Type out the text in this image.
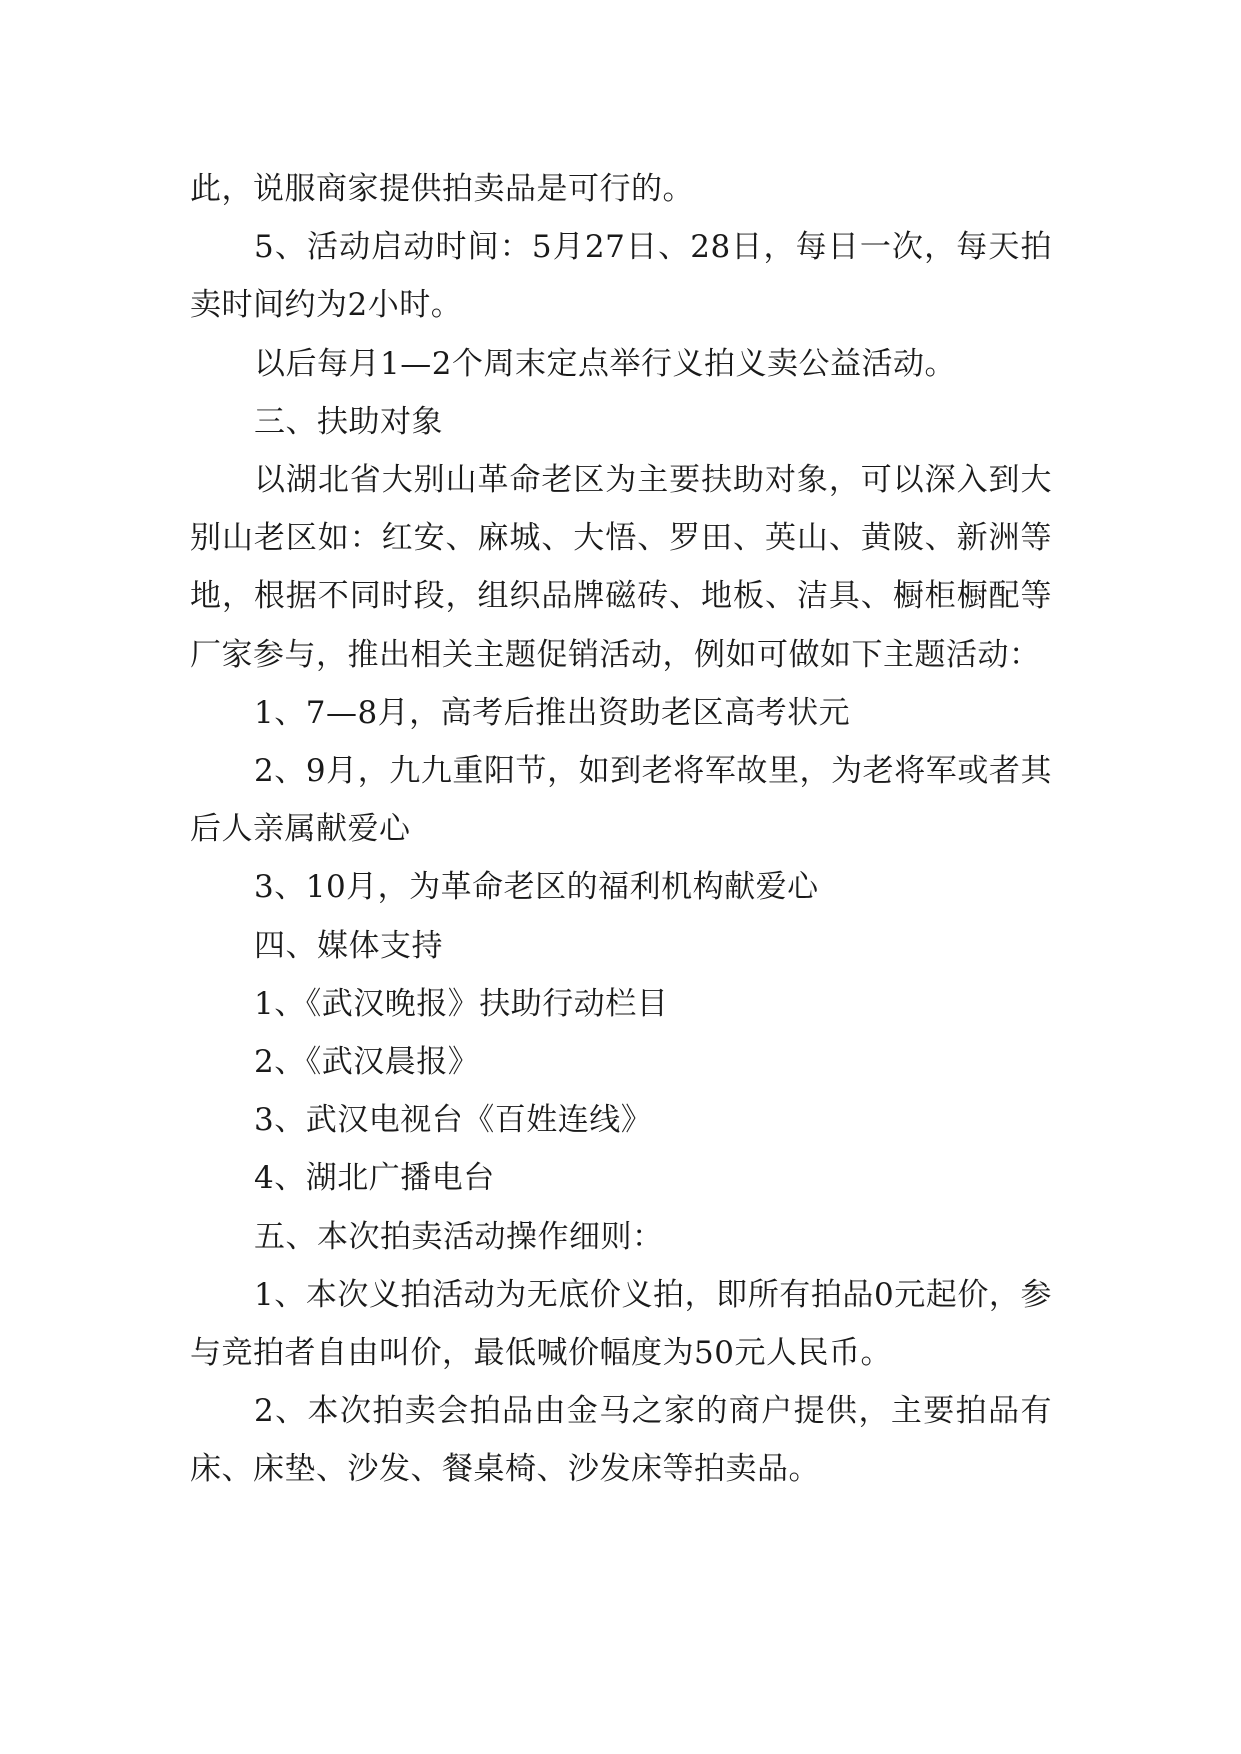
此，说服商家提供拍卖品是可行的。

5、活动启动时间：5月27日、28日，每日一次，每天拍卖时间约为2小时。

以后每月1—2个周末定点举行义拍义卖公益活动。

三、扶助对象

以湖北省大别山革命老区为主要扶助对象，可以深入到大别山老区如：红安、麻城、大悟、罗田、英山、黄陂、新洲等地，根据不同时段，组织品牌磁砖、地板、洁具、橱柜橱配等厂家参与，推出相关主题促销活动，例如可做如下主题活动：

1、7—8月，高考后推出资助老区高考状元

2、9月，九九重阳节，如到老将军故里，为老将军或者其后人亲属献爱心

3、10月，为革命老区的福利机构献爱心

四、媒体支持

1、《武汉晚报》扶助行动栏目

2、《武汉晨报》

3、武汉电视台《百姓连线》

4、湖北广播电台

五、本次拍卖活动操作细则：

1、本次义拍活动为无底价义拍，即所有拍品0元起价，参与竞拍者自由叫价，最低喊价幅度为50元人民币。

2、本次拍卖会拍品由金马之家的商户提供，主要拍品有床、床垫、沙发、餐桌椅、沙发床等拍卖品。
